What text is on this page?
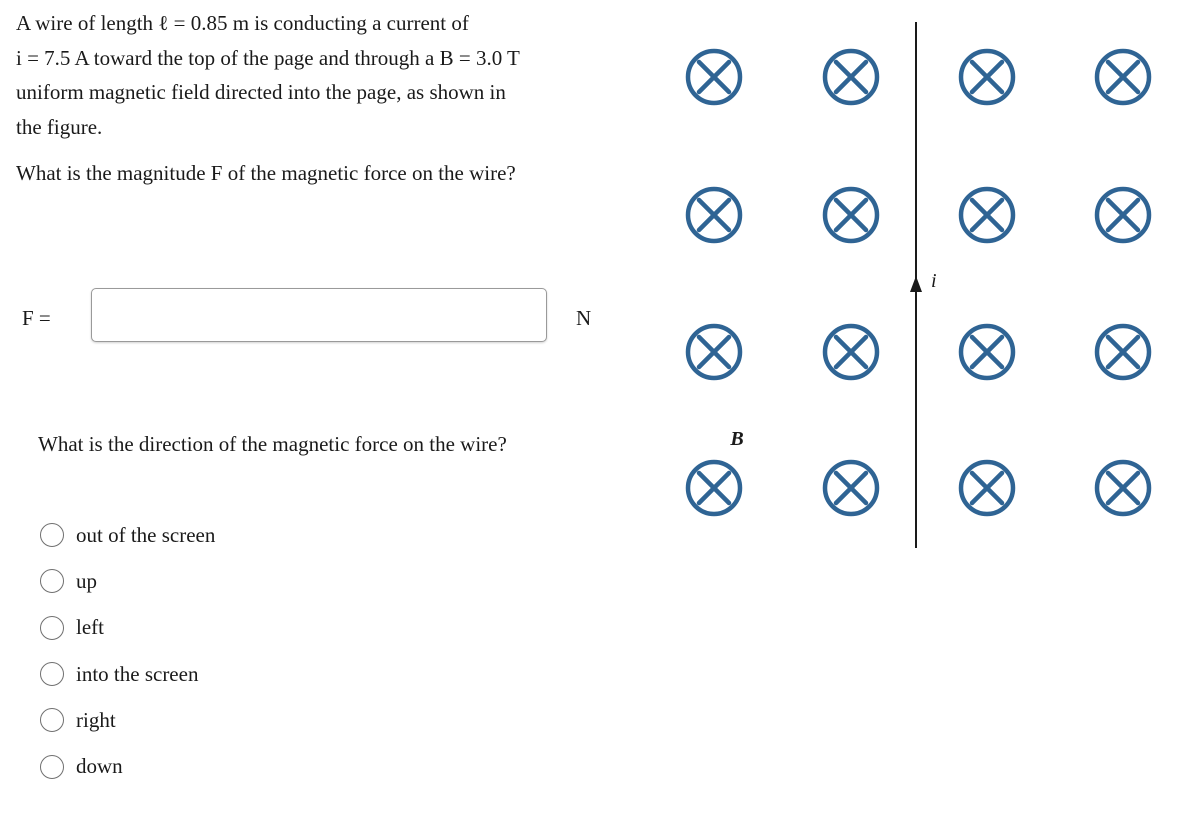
A wire of length ℓ = 0.85 m is conducting a current of

i = 7.5 A toward the top of the page and through a B = 3.0 T

uniform magnetic field directed into the page, as shown in

the figure.

What is the magnitude F of the magnetic force on the wire?

F =	N

What is the direction of the magnetic force on the wire?

out of the screen
up
left
into the screen
right
down
i
B
